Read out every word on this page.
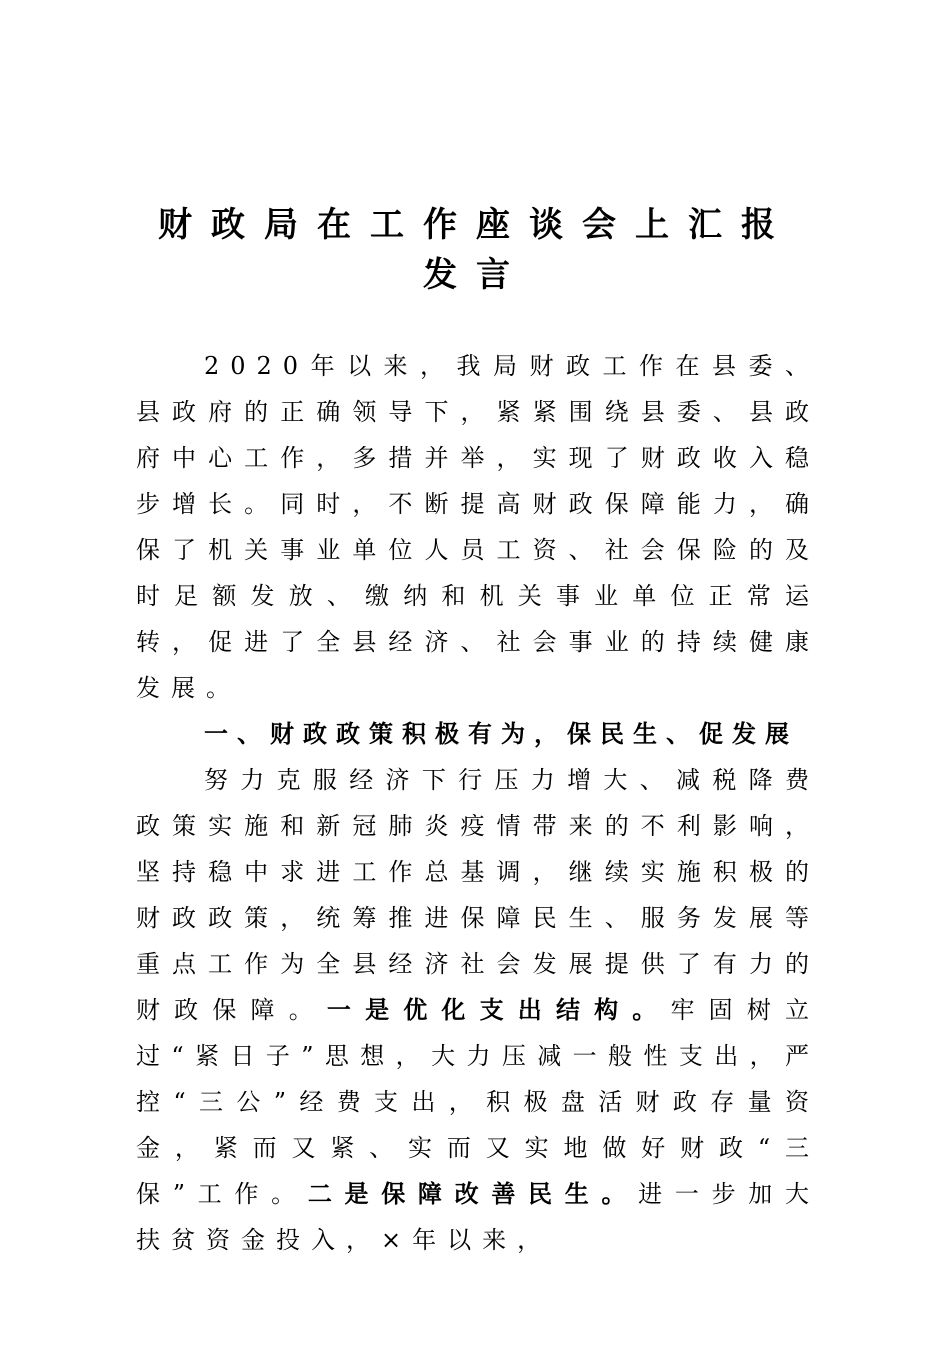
财政局在工作座谈会上汇报发言

2020年以来，我局财政工作在县委、县政府的正确领导下，紧紧围绕县委、县政府中心工作，多措并举，实现了财政收入稳步增长。同时，不断提高财政保障能力，确保了机关事业单位人员工资、社会保险的及时足额发放、缴纳和机关事业单位正常运转，促进了全县经济、社会事业的持续健康发展。

一、财政政策积极有为，保民生、促发展

努力克服经济下行压力增大、减税降费政策实施和新冠肺炎疫情带来的不利影响，坚持稳中求进工作总基调，继续实施积极的财政政策，统筹推进保障民生、服务发展等重点工作为全县经济社会发展提供了有力的财政保障。一是优化支出结构。牢固树立过“紧日子”思想，大力压减一般性支出，严控“三公”经费支出，积极盘活财政存量资金，紧而又紧、实而又实地做好财政“三保”工作。二是保障改善民生。进一步加大扶贫资金投入，×年以来，
